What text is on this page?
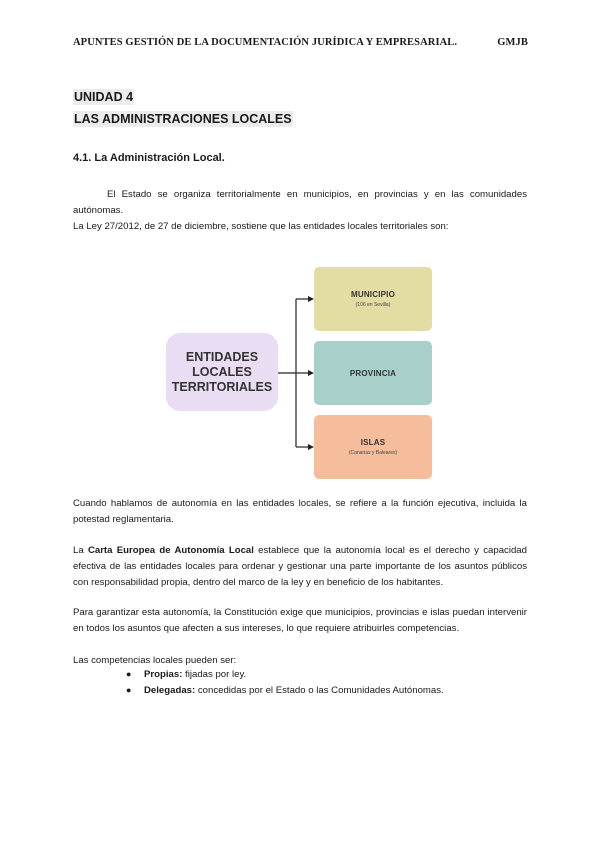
APUNTES GESTIÓN DE LA DOCUMENTACIÓN JURÍDICA Y EMPRESARIAL.	GMJB
UNIDAD 4
LAS ADMINISTRACIONES LOCALES
4.1. La Administración Local.
El Estado se organiza territorialmente en municipios, en provincias y en las comunidades autónomas.
La Ley 27/2012, de 27 de diciembre, sostiene que las entidades locales territoriales son:
ENTIDADES LOCALES TERRITORIALES
MUNICIPIO
(106 en Sevilla)
PROVINCIA
ISLAS
(Canarias y Baleares)
Cuando hablamos de autonomía en las entidades locales, se refiere a la función ejecutiva, incluida la potestad reglamentaria.
La Carta Europea de Autonomía Local establece que la autonomía local es el derecho y capacidad efectiva de las entidades locales para ordenar y gestionar una parte importante de los asuntos públicos con responsabilidad propia, dentro del marco de la ley y en beneficio de los habitantes.
Para garantizar esta autonomía, la Constitución exige que municipios, provincias e islas puedan intervenir en todos los asuntos que afecten a sus intereses, lo que requiere atribuirles competencias.
Las competencias locales pueden ser:
● Propias: fijadas por ley.
● Delegadas: concedidas por el Estado o las Comunidades Autónomas.
